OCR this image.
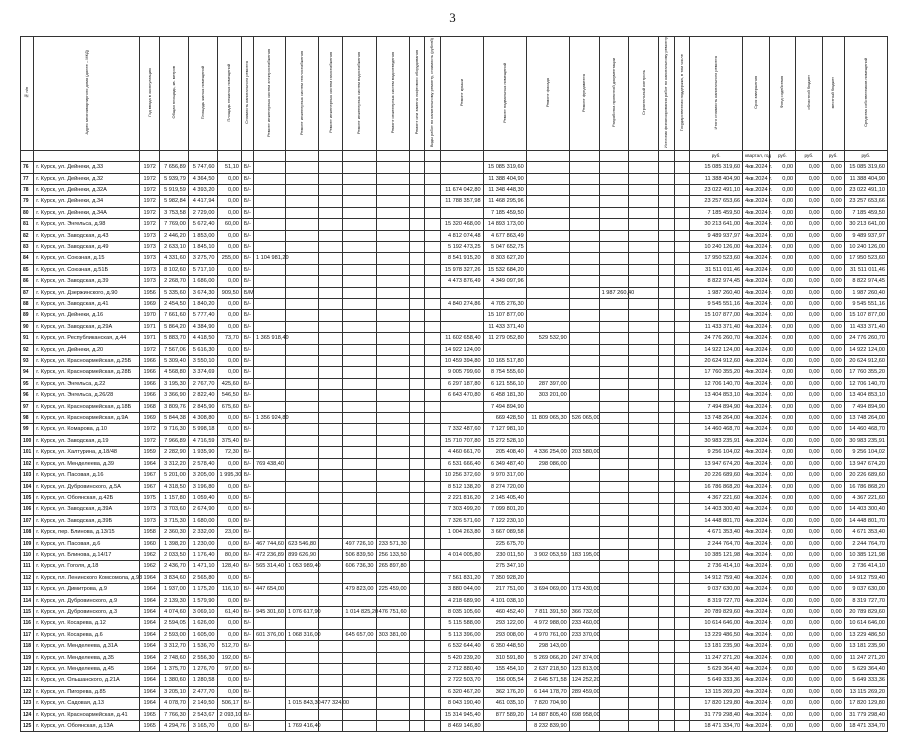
3
№ п/п	Адрес многоквартирного дома (далее – МКД)	Год ввода в эксплуатацию	Общая площадь, кв. метров	Площадь жилых помещений	Площадь нежилых помещений	Стоимость капитального ремонта	Ремонт инженерных систем электроснабжения	Ремонт инженерных систем теплоснабжения	Ремонт инженерных систем газоснабжения	Ремонт инженерных систем водоснабжения	Ремонт инженерных систем водоотведения	Ремонт или замена лифтового оборудования	Виды работ по капитальному ремонту, стоимость (рублей)	Ремонт крыши	Ремонт подвальных помещений	Ремонт фасада	Ремонт фундамента	Разработка проектной документации	Строительный контроль	Источник финансирования работ по капитальному ремонту	Государственная поддержка, в том числе	Итого стоимость капитального ремонта	Срок завершения	Фонд содействия	областной бюджет	местный бюджет	Средства собственников помещений
																						руб.	квартал, год	руб.	руб.	руб.	руб.
76	г. Курск, ул. Дейнеки, д.33	1972	7 656,89	5 747,60	51,10	Б/-									15 085 319,60							15 085 319,60	4кв.2024 г.	0,00	0,00	0,00	15 085 319,60
77	г. Курск, ул. Дейнеки, д.32	1972	5 939,79	4 364,50	0,00	Б/-									11 388 404,90							11 388 404,90	4кв.2024 г.	0,00	0,00	0,00	11 388 404,90
78	г. Курск, ул. Дейнеки, д.32А	1972	5 919,59	4 393,20	0,00	Б/-								11 674 042,80	11 348 448,30							23 022 491,10	4кв.2024 г.	0,00	0,00	0,00	23 022 491,10
79	г. Курск, ул. Дейнеки, д.34	1972	5 982,84	4 417,94	0,00	Б/-								11 788 357,98	11 468 295,96							23 257 653,66	4кв.2024 г.	0,00	0,00	0,00	23 257 653,66
80	г. Курск, ул. Дейнеки, д.34А	1972	3 753,58	2 729,00	0,00	Б/-									7 185 459,50							7 185 459,50	4кв.2024 г.	0,00	0,00	0,00	7 185 459,50
81	г. Курск, ул. Энгельса, д.98	1972	7 769,00	5 672,40	60,00	Б/-								15 320 468,00	14 893 173,00							30 213 641,00	4кв.2024 г.	0,00	0,00	0,00	30 213 641,00
82	г. Курск, ул. Заводская, д.43	1973	2 446,20	1 853,00	0,00	Б/-								4 812 074,48	4 677 863,49							9 489 937,97	4кв.2024 г.	0,00	0,00	0,00	9 489 937,97
83	г. Курск, ул. Заводская, д.49	1973	2 633,10	1 845,10	0,00	Б/-								5 192 473,25	5 047 652,75							10 240 126,00	4кв.2024 г.	0,00	0,00	0,00	10 240 126,00
84	г. Курск, ул. Союзная, д.15	1973	4 331,60	3 275,70	255,00	Б/-	1 104 981,20							8 541 915,20	8 303 627,20							17 950 523,60	4кв.2024 г.	0,00	0,00	0,00	17 950 523,60
85	г. Курск, ул. Союзная, д.51Б	1973	8 102,60	5 717,10	0,00	Б/-								15 978 327,26	15 532 684,20							31 511 011,46	4кв.2024 г.	0,00	0,00	0,00	31 511 011,46
86	г. Курск, ул. Заводская, д.39	1973	2 268,70	1 686,00	0,00	Б/-								4 473 876,49	4 349 097,96							8 822 974,45	4кв.2024 г.	0,00	0,00	0,00	8 822 974,45
87	г. Курск, ул. Дзержинского, д.90	1956	5 335,60	3 674,30	909,50	Б/М												1 987 260,40				1 987 260,40	4кв.2024 г.	0,00	0,00	0,00	1 987 260,40
88	г. Курск, ул. Заводская, д.41	1969	2 454,50	1 840,20	0,00	Б/-								4 840 274,86	4 705 276,30							9 545 551,16	4кв.2024 г.	0,00	0,00	0,00	9 545 551,16
89	г. Курск, ул. Дейнеки, д.16	1970	7 661,60	5 777,40	0,00	Б/-									15 107 877,00							15 107 877,00	4кв.2024 г.	0,00	0,00	0,00	15 107 877,00
90	г. Курск, ул. Заводская, д.29А	1971	5 864,20	4 384,90	0,00	Б/-									11 433 371,40							11 433 371,40	4кв.2024 г.	0,00	0,00	0,00	11 433 371,40
91	г. Курск, ул. Республиканская, д.44	1971	5 883,70	4 418,50	73,70	Б/-	1 365 918,40							11 602 658,40	11 279 052,80	529 532,90						24 776 260,70	4кв.2024 г.	0,00	0,00	0,00	24 776 260,70
92	г. Курск, ул. Дейнеки, д.20	1972	7 567,06	5 616,30	0,00	Б/-								14 922 124,00								14 922 124,00	4кв.2024 г.	0,00	0,00	0,00	14 922 124,00
93	г. Курск, ул. Красноармейская, д.25Б	1966	5 309,40	3 550,10	0,00	Б/-								10 459 394,80	10 165 517,80							20 624 912,60	4кв.2024 г.	0,00	0,00	0,00	20 624 912,60
94	г. Курск, ул. Красноармейская, д.28Б	1966	4 568,80	3 374,69	0,00	Б/-								9 005 799,60	8 754 555,60							17 760 355,20	4кв.2024 г.	0,00	0,00	0,00	17 760 355,20
95	г. Курск, ул. Энгельса, д.22	1966	3 195,30	2 767,70	425,60	Б/-								6 297 187,80	6 121 556,10	287 397,00						12 706 140,70	4кв.2024 г.	0,00	0,00	0,00	12 706 140,70
96	г. Курск, ул. Энгельса, д.26/28	1966	3 366,90	2 822,40	546,50	Б/-								6 643 470,80	6 458 181,30	303 201,00						13 404 853,10	4кв.2024 г.	0,00	0,00	0,00	13 404 853,10
97	г. Курск, ул. Красноармейская, д.18Б	1968	3 809,76	2 845,90	675,60	Б/-									7 494 894,90							7 494 894,90	4кв.2024 г.	0,00	0,00	0,00	7 494 894,90
98	г. Курск, ул. Красноармейская, д.9А	1969	5 844,38	4 308,80	0,00	Б/-	1 356 924,80								669 428,50	11 809 065,30	526 065,00					13 748 264,00	4кв.2024 г.	0,00	0,00	0,00	13 748 264,00
99	г. Курск, ул. Комарова, д.10	1972	9 716,30	5 998,18	0,00	Б/-								7 332 487,60	7 127 981,10							14 460 468,70	4кв.2024 г.	0,00	0,00	0,00	14 460 468,70
100	г. Курск, ул. Заводская, д.19	1972	7 966,89	4 716,59	375,40	Б/-								15 710 707,80	15 272 528,10							30 983 235,91	4кв.2024 г.	0,00	0,00	0,00	30 983 235,91
101	г. Курск, ул. Халтурина, д.18/48	1959	2 282,90	1 935,90	72,30	Б/-								4 460 661,70	205 408,40	4 336 254,00	203 580,00					9 256 104,02	4кв.2024 г.	0,00	0,00	0,00	9 256 104,02
102	г. Курск, ул. Менделеева, д.39	1964	3 312,20	2 578,40	0,00	Б/-	769 438,40							6 531 666,40	6 349 487,40	298 086,00						13 947 674,20	4кв.2024 г.	0,00	0,00	0,00	13 947 674,20
103	г. Курск, ул. Пасовая, д.16	1967	5 201,00	3 205,00	1 995,30	Б/-								10 256 372,60	9 970 317,00							20 226 689,60	4кв.2024 г.	0,00	0,00	0,00	20 226 689,60
104	г. Курск, ул. Дубровинского, д.5А	1967	4 318,50	3 196,80	0,00	Б/-								8 512 138,20	8 274 720,00							16 786 868,20	4кв.2024 г.	0,00	0,00	0,00	16 786 868,20
105	г. Курск, ул. Обоянская, д.42Б	1975	1 157,80	1 059,40	0,00	Б/-								2 221 816,20	2 145 405,40							4 367 221,60	4кв.2024 г.	0,00	0,00	0,00	4 367 221,60
106	г. Курск, ул. Заводская, д.39А	1973	3 703,60	2 674,90	0,00	Б/-								7 303 499,20	7 099 801,20							14 403 300,40	4кв.2024 г.	0,00	0,00	0,00	14 403 300,40
107	г. Курск, ул. Заводская, д.39Б	1973	3 715,30	1 680,00	0,00	Б/-								7 326 571,60	7 122 230,10							14 448 801,70	4кв.2024 г.	0,00	0,00	0,00	14 448 801,70
108	г. Курск, пер. Блинова, д.13/15	1958	2 360,30	2 332,00	23,00	Б/-								1 004 263,80	3 667 089,58							4 671 353,40	4кв.2024 г.	0,00	0,00	0,00	4 671 353,40
109	г. Курск, ул. Пасовая, д.6	1960	1 398,20	1 230,00	0,00	Б/-	467 744,60	623 546,80		497 726,10	233 571,30				225 675,70							2 244 764,70	4кв.2024 г.	0,00	0,00	0,00	2 244 764,70
110	г. Курск, ул. Блинова, д.14/17	1962	2 033,50	1 176,40	80,00	Б/-	472 236,89	899 626,90		506 839,50	256 133,50			4 014 005,80	230 011,50	3 902 053,59	183 195,00					10 385 121,98	4кв.2024 г.	0,00	0,00	0,00	10 385 121,98
111	г. Курск, ул. Гоголя, д.18	1962	2 436,70	1 471,10	128,40	Б/-	565 314,40	1 053 989,40		606 736,30	265 897,80				275 347,10							2 736 414,10	4кв.2024 г.	0,00	0,00	0,00	2 736 414,10
112	г. Курск, пл. Ленинского Комсомола, д.93	1964	3 834,60	2 565,80	0,00	Б/-								7 561 831,20	7 350 928,20							14 912 759,40	4кв.2024 г.	0,00	0,00	0,00	14 912 759,40
113	г. Курск, ул. Димитрова, д.9	1964	1 937,00	1 175,20	116,10	Б/-	447 654,00			479 823,00	225 459,00			3 880 044,00	217 751,00	3 694 069,00	173 430,00					9 037 630,00	4кв.2024 г.	0,00	0,00	0,00	9 037 630,00
114	г. Курск, ул. Дубровинского, д.9	1964	2 139,30	1 579,90	0,00	Б/-								4 218 689,90	4 101 038,10							8 319 727,70	4кв.2024 г.	0,00	0,00	0,00	8 319 727,70
115	г. Курск, ул. Дубровинского, д.3	1964	4 074,60	3 069,10	61,40	Б/-	945 301,60	1 076 617,90		1 014 825,20	476 751,60			8 035 105,60	460 452,40	7 811 391,50	366 732,00					20 789 829,60	4кв.2024 г.	0,00	0,00	0,00	20 789 829,60
116	г. Курск, ул. Косарева, д.12	1964	2 594,05	1 626,00	0,00	Б/-								5 115 588,00	293 122,00	4 972 988,00	233 460,00					10 614 646,00	4кв.2024 г.	0,00	0,00	0,00	10 614 646,00
117	г. Курск, ул. Косарева, д.6	1964	2 593,00	1 605,00	0,00	Б/-	601 376,00	1 068 316,00		645 657,00	303 381,00			5 113 396,00	293 008,00	4 970 761,00	233 370,00					13 229 486,50	4кв.2024 г.	0,00	0,00	0,00	13 229 486,50
118	г. Курск, ул. Менделеева, д.31А	1964	3 312,70	1 536,70	512,70	Б/-								6 532 644,40	6 350 448,50	298 143,00						13 181 235,90	4кв.2024 г.	0,00	0,00	0,00	13 181 235,90
119	г. Курск, ул. Менделеева, д.35	1964	2 748,60	2 556,30	192,00	Б/-								5 420 239,20	310 591,80	5 269 066,20	247 374,00					11 247 271,20	4кв.2024 г.	0,00	0,00	0,00	11 247 271,20
120	г. Курск, ул. Менделеева, д.45	1964	1 375,70	1 276,70	97,00	Б/-								2 712 880,40	155 454,10	2 637 218,50	123 813,00					5 629 364,40	4кв.2024 г.	0,00	0,00	0,00	5 629 364,40
121	г. Курск, ул. Ольшанского, д.21А	1964	1 380,60	1 280,58	0,00	Б/-								2 722 503,70	156 005,54	2 646 571,58	124 252,20					5 649 333,36	4кв.2024 г.	0,00	0,00	0,00	5 649 333,36
122	г. Курск, ул. Пигорева, д.85	1964	3 205,10	2 477,70	0,00	Б/-								6 320 467,20	362 176,20	6 144 178,70	289 459,00					13 115 269,20	4кв.2024 г.	0,00	0,00	0,00	13 115 269,20
123	г. Курск, ул. Садовая, д.13	1964	4 078,70	2 149,50	506,17	Б/-		1 015 843,30	477 324,00					8 043 190,40	461 035,10	7 820 704,90						17 820 129,80	4кв.2024 г.	0,00	0,00	0,00	17 820 129,80
124	г. Курск, ул. Красноармейская, д.41	1965	7 766,30	2 543,67	2 093,10	Б/-								15 314 945,40	877 589,20	14 887 805,40	698 958,00					31 779 298,40	4кв.2024 г.	0,00	0,00	0,00	31 779 298,40
125	г. Курск, ул. Обоянская, д.13А	1965	4 294,76	3 165,70	0,00	Б/-		1 769 416,40						8 469 146,80		8 232 839,90						18 471 334,70	4кв.2024 г.	0,00	0,00	0,00	18 471 334,70
